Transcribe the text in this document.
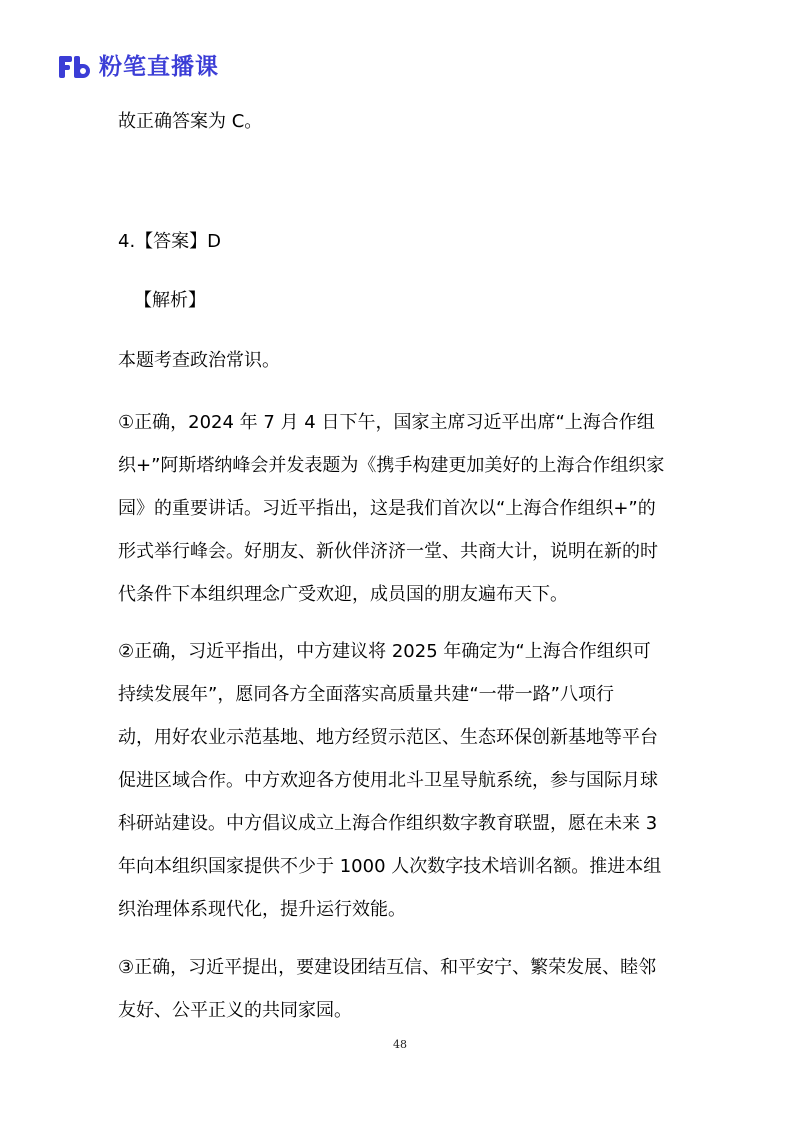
粉笔直播课
故正确答案为 C。
4.【答案】D
【解析】
本题考查政治常识。
①正确，2024 年 7 月 4 日下午，国家主席习近平出席“上海合作组
织+”阿斯塔纳峰会并发表题为《携手构建更加美好的上海合作组织家
园》的重要讲话。习近平指出，这是我们首次以“上海合作组织+”的
形式举行峰会。好朋友、新伙伴济济一堂、共商大计，说明在新的时
代条件下本组织理念广受欢迎，成员国的朋友遍布天下。
②正确，习近平指出，中方建议将 2025 年确定为“上海合作组织可
持续发展年”，愿同各方全面落实高质量共建“一带一路”八项行
动，用好农业示范基地、地方经贸示范区、生态环保创新基地等平台
促进区域合作。中方欢迎各方使用北斗卫星导航系统，参与国际月球
科研站建设。中方倡议成立上海合作组织数字教育联盟，愿在未来 3
年向本组织国家提供不少于 1000 人次数字技术培训名额。推进本组
织治理体系现代化，提升运行效能。
③正确，习近平提出，要建设团结互信、和平安宁、繁荣发展、睦邻
友好、公平正义的共同家园。
48
